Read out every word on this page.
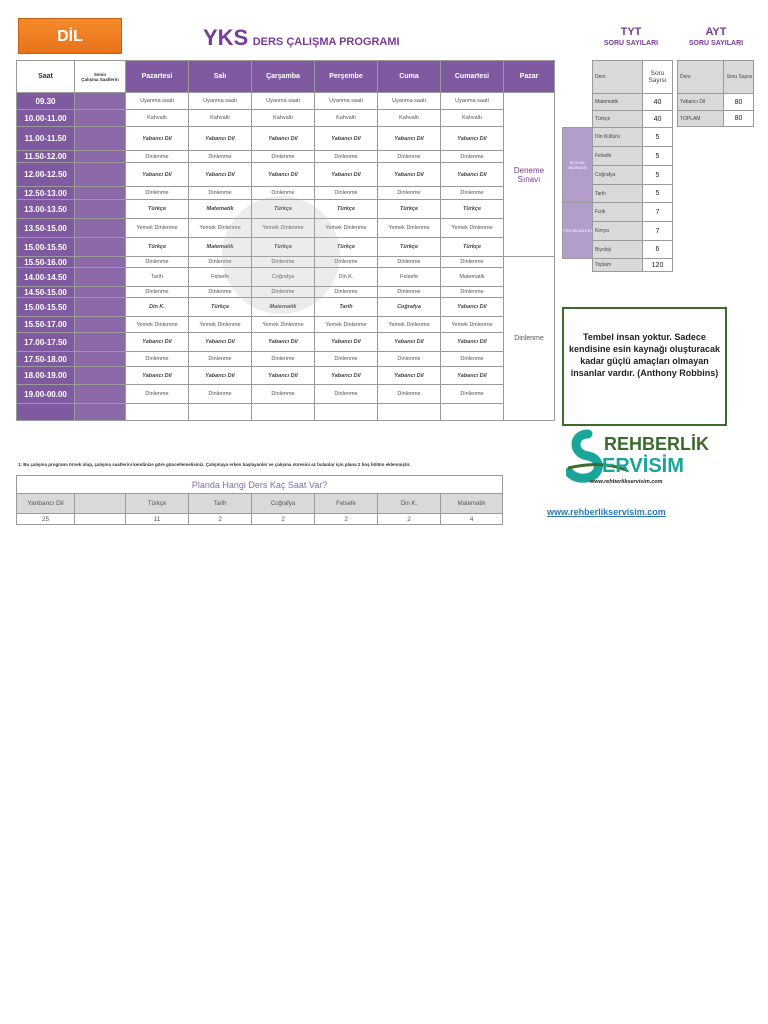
DİL	YKS DERS ÇALIŞMA PROGRAMI
TYT
SORU SAYILARI
AYT
SORU SAYILARI
Saat	Senin
Çalışma Saatlerin	Pazartesi	Salı	Çarşamba	Perşembe	Cuma	Cumartesi	Pazar
09.30		Uyanma saati	Uyanma saati	Uyanma saati	Uyanma saati	Uyanma saati	Uyanma saati	Deneme Sınavı
10.00-11.00		Kahvaltı	Kahvaltı	Kahvaltı	Kahvaltı	Kahvaltı	Kahvaltı	
11.00-11.50		Yabancı Dil	Yabancı Dil	Yabancı Dil	Yabancı Dil	Yabancı Dil	Yabancı Dil	
11.50-12.00		Dinlenme	Dinlenme	Dinlenme	Dinlenme	Dinlenme	Dinlenme	
12.00-12.50		Yabancı Dil	Yabancı Dil	Yabancı Dil	Yabancı Dil	Yabancı Dil	Yabancı Dil	
12.50-13.00		Dinlenme	Dinlenme	Dinlenme	Dinlenme	Dinlenme	Dinlenme	
13.00-13.50		Türkçe	Matematik	Türkçe	Türkçe	Türkçe	Türkçe	
13.50-15.00		Yemek Dinlenme	Yemek Dinlenme	Yemek Dinlenme	Yemek Dinlenme	Yemek Dinlenme	Yemek Dinlenme	
15.00-15.50		Türkçe	Matematik	Türkçe	Türkçe	Türkçe	Türkçe	
15.50-16.00		Dinlenme	Dinlenme	Dinlenme	Dinlenme	Dinlenme	Dinlenme	Dinlenme
14.00-14.50		Tarih	Felsefe	Coğrafya	Din K.	Felsefe	Matematik	
14.50-15.00		Dinlenme	Dinlenme	Dinlenme	Dinlenme	Dinlenme	Dinlenme	
15.00-15.50		Din K.	Türkçe	Matematik	Tarih	Coğrafya	Yabancı Dil	
15.50-17.00		Yemek Dinlenme	Yemek Dinlenme	Yemek Dinlenme	Yemek Dinlenme	Yemek Dinlenme	Yemek Dinlenme	
17.00-17.50		Yabancı Dil	Yabancı Dil	Yabancı Dil	Yabancı Dil	Yabancı Dil	Yabancı Dil	
17.50-18.00		Dinlenme	Dinlenme	Dinlenme	Dinlenme	Dinlenme	Dinlenme	
18.00-19.00		Yabancı Dil	Yabancı Dil	Yabancı Dil	Yabancı Dil	Yabancı Dil	Yabancı Dil	
19.00-00.00		Dinlenme	Dinlenme	Dinlenme	Dinlenme	Dinlenme	Dinlenme	

1: Bu çalışma programı örnek olup, çalışma saatlerini kendinize göre güncellemelisiniz. Çalışmaya erken başlayanlar ve çalışma süresini az bulanlar için plana 2 boş bölüm eklenmiştir.
Planda Hangi Ders Kaç Saat Var?							
Yanbancı Dil		Türkçe	Tarih	Coğrafya	Felsefe	Din K.	Matematik
25		11	2	2	2	2	4
	Ders	Soru Sayısı
	Matematik	40
	Türkçe	40
SOSYAL BİLİMLER	Din Kültürü	5
	Felsefe	5
	Coğrafya	5
	Tarih	5
FEN BİLİMLERİ	Fizik	7
	Kimya	7
	Biyoloji	6
	Toplam	120
Ders	Soru Sayısı
Yabancı Dil	80
TOPLAM	80
Tembel insan yoktur. Sadece kendisine esin kaynağı oluşturacak kadar güçlü amaçları olmayan insanlar vardır. (Anthony Robbins)
REHBERLİK
ERVİSİM
www.rehberlikservisim.com
www.rehberlikservisim.com
